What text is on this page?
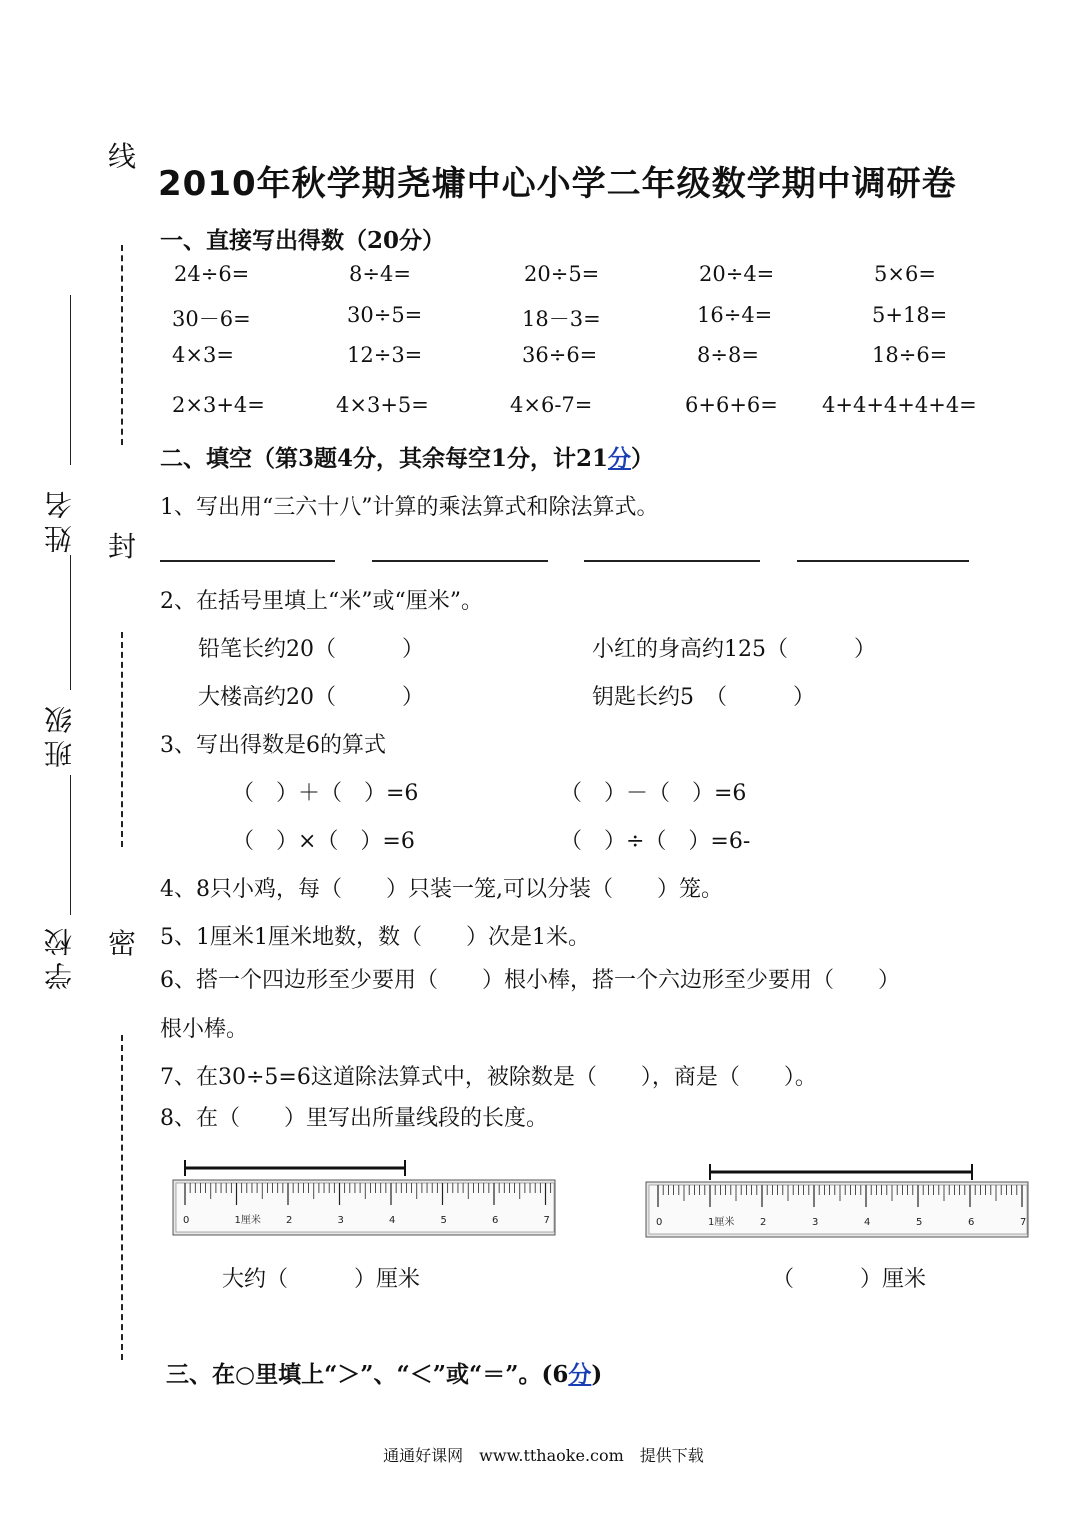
线
封
密
姓名
班级
学校
2010年秋学期尧墉中心小学二年级数学期中调研卷
一、直接写出得数（20分）
24÷6=	8÷4=	20÷5=	20÷4=	5×6=
30－6=	30÷5=	18－3=	16÷4=	5+18=
4×3=	12÷3=	36÷6=	8÷8=	18÷6=
2×3+4=	4×3+5=	4×6-7=	6+6+6= 4+4+4+4+4=
二、填空（第3题4分，其余每空1分，计21分）
1、写出用“三六十八”计算的乘法算式和除法算式。
2、在括号里填上“米”或“厘米”。
铅笔长约20（　　　）	小红的身高约125（　　　）
大楼高约20（　　　）	钥匙长约5　（　　　）
3、写出得数是6的算式
（　）＋（　）=6	（　）－（　）=6
（　）×（　）=6	（　）÷（　）=6-
4、8只小鸡，每（　　）只装一笼,可以分装（　　）笼。
5、1厘米1厘米地数，数（　　）次是1米。
6、搭一个四边形至少要用（　　）根小棒，搭一个六边形至少要用（　　）
根小棒。
7、在30÷5=6这道除法算式中，被除数是（　　），商是（　　）。
8、在（　　）里写出所量线段的长度。
0	1厘米	2	3	4	5	6	7	0	1厘米	2	3	4	5	6	7
大约（　　　）厘米	（　　　）厘米
三、在○里填上“＞”、“＜”或“＝”。(6分)
通通好课网　www.tthaoke.com　提供下载
